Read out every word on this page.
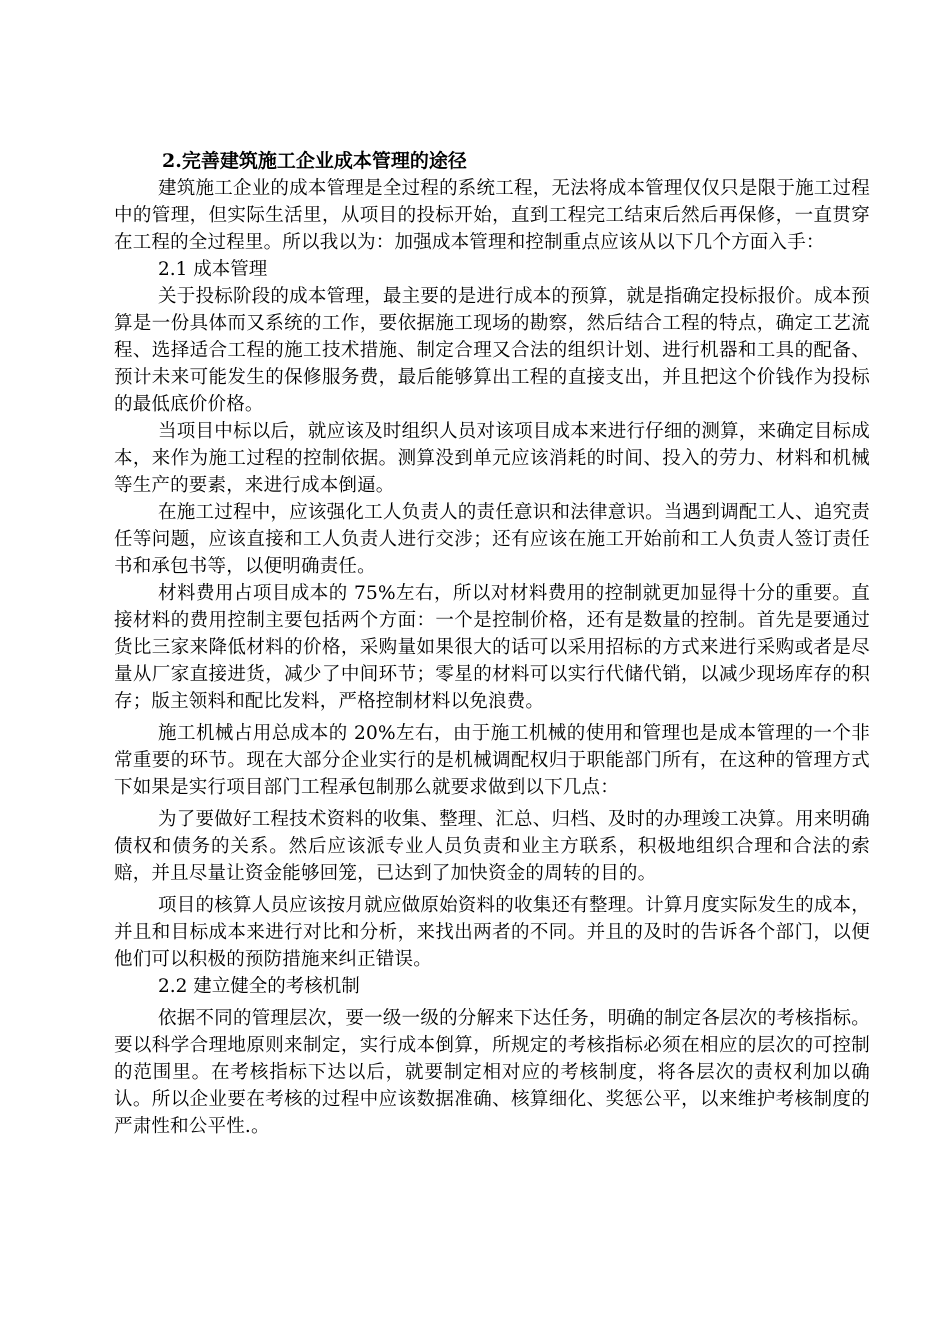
2.完善建筑施工企业成本管理的途径

建筑施工企业的成本管理是全过程的系统工程，无法将成本管理仅仅只是限于施工过程中的管理，但实际生活里，从项目的投标开始，直到工程完工结束后然后再保修，一直贯穿在工程的全过程里。所以我以为：加强成本管理和控制重点应该从以下几个方面入手：

2.1 成本管理

关于投标阶段的成本管理，最主要的是进行成本的预算，就是指确定投标报价。成本预算是一份具体而又系统的工作，要依据施工现场的勘察，然后结合工程的特点，确定工艺流程、选择适合工程的施工技术措施、制定合理又合法的组织计划、进行机器和工具的配备、预计未来可能发生的保修服务费，最后能够算出工程的直接支出，并且把这个价钱作为投标的最低底价价格。

当项目中标以后，就应该及时组织人员对该项目成本来进行仔细的测算，来确定目标成本，来作为施工过程的控制依据。测算没到单元应该消耗的时间、投入的劳力、材料和机械等生产的要素，来进行成本倒逼。

在施工过程中，应该强化工人负责人的责任意识和法律意识。当遇到调配工人、追究责任等问题，应该直接和工人负责人进行交涉；还有应该在施工开始前和工人负责人签订责任书和承包书等，以便明确责任。

材料费用占项目成本的 75%左右，所以对材料费用的控制就更加显得十分的重要。直接材料的费用控制主要包括两个方面：一个是控制价格，还有是数量的控制。首先是要通过货比三家来降低材料的价格，采购量如果很大的话可以采用招标的方式来进行采购或者是尽量从厂家直接进货，减少了中间环节；零星的材料可以实行代储代销，以减少现场库存的积存；版主领料和配比发料，严格控制材料以免浪费。

施工机械占用总成本的 20%左右，由于施工机械的使用和管理也是成本管理的一个非常重要的环节。现在大部分企业实行的是机械调配权归于职能部门所有，在这种的管理方式下如果是实行项目部门工程承包制那么就要求做到以下几点：

为了要做好工程技术资料的收集、整理、汇总、归档、及时的办理竣工决算。用来明确债权和债务的关系。然后应该派专业人员负责和业主方联系，积极地组织合理和合法的索赔，并且尽量让资金能够回笼，已达到了加快资金的周转的目的。

项目的核算人员应该按月就应做原始资料的收集还有整理。计算月度实际发生的成本，并且和目标成本来进行对比和分析，来找出两者的不同。并且的及时的告诉各个部门，以便他们可以积极的预防措施来纠正错误。

2.2 建立健全的考核机制

依据不同的管理层次，要一级一级的分解来下达任务，明确的制定各层次的考核指标。要以科学合理地原则来制定，实行成本倒算，所规定的考核指标必须在相应的层次的可控制的范围里。在考核指标下达以后，就要制定相对应的考核制度，将各层次的责权利加以确认。所以企业要在考核的过程中应该数据准确、核算细化、奖惩公平，以来维护考核制度的严肃性和公平性.。
